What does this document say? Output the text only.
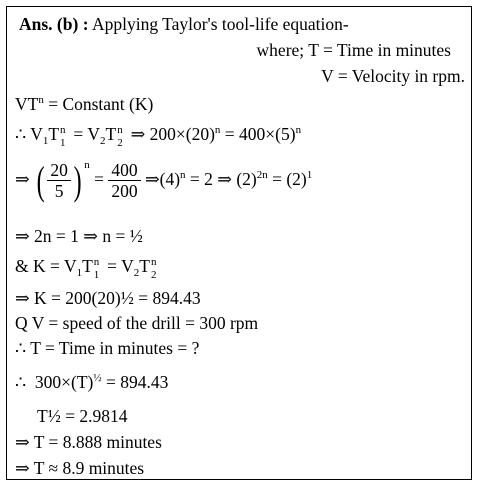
Ans. (b) : Applying Taylor's tool-life equation-
where; T = Time in minutes
V = Velocity in rpm.
$VT^n$ = Constant (K)
∴ $V_1T$ n
$1 = V_2T$ n
2 ⇒ $200\times(20)^n = 400\times(5)^n$
⇒ ( $\frac{20}{5}$ ) $n = \frac{400}{200}$ $\Rightarrow(4)^n = 2$ ⇒ $(2)^{2n} = (2)^1$
⇒ 2n = 1 ⇒ n = ½
& $K = V_1T$ n
$1 = V_2T$ n
2
⇒ K = 200(20)½ = 894.43
Q V = speed of the drill = 300 rpm
∴ T = Time in minutes = ?
∴ $300\times(T)^{\frac{1}{2}} = 894.43$
T½ = 2.9814
⇒ T = 8.888 minutes
⇒ T ≈ 8.9 minutes
